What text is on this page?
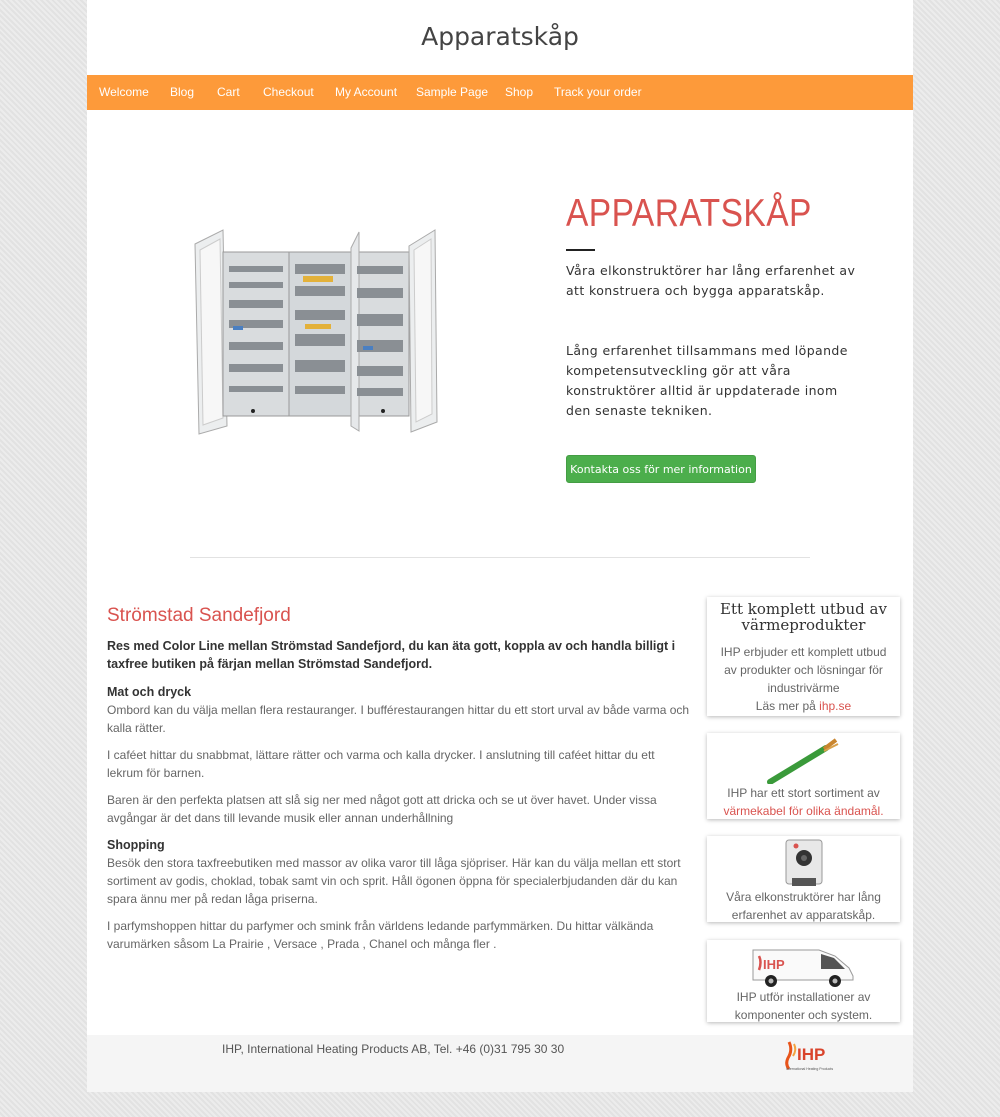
Apparatskåp
Welcome Blog Cart Checkout My Account Sample Page Shop Track your order
APPARATSKÅP
Våra elkonstruktörer har lång erfarenhet av att konstruera och bygga apparatskåp.
Lång erfarenhet tillsammans med löpande kompetensutveckling gör att våra konstruktörer alltid är uppdaterade inom den senaste tekniken.
Kontakta oss för mer information
Strömstad Sandefjord
Res med Color Line mellan Strömstad Sandefjord, du kan äta gott, koppla av och handla billigt i taxfree butiken på färjan mellan Strömstad Sandefjord.
Mat och dryck

Ombord kan du välja mellan flera restauranger. I bufférestaurangen hittar du ett stort urval av både varma och kalla rätter.

I caféet hittar du snabbmat, lättare rätter och varma och kalla drycker. I anslutning till caféet hittar du ett lekrum för barnen.

Baren är den perfekta platsen att slå sig ner med något gott att dricka och se ut över havet. Under vissa avgångar är det dans till levande musik eller annan underhållning

Shopping

Besök den stora taxfreebutiken med massor av olika varor till låga sjöpriser. Här kan du välja mellan ett stort sortiment av godis, choklad, tobak samt vin och sprit. Håll ögonen öppna för specialerbjudanden där du kan spara ännu mer på redan låga priserna.

I parfymshoppen hittar du parfymer och smink från världens ledande parfymmärken. Du hittar välkända varumärken såsom La Prairie , Versace , Prada , Chanel och många fler .

Ett komplett utbud av värmeprodukter
IHP erbjuder ett komplett utbud av produkter och lösningar för industrivärme
Läs mer på ihp.se
IHP har ett stort sortiment av
värmekabel för olika ändamål.
Våra elkonstruktörer har lång erfarenhet av apparatskåp.
IHP
IHP utför installationer av komponenter och system.
IHP, International Heating Products AB, Tel. +46 (0)31 795 30 30	IHP
International Heating Products
